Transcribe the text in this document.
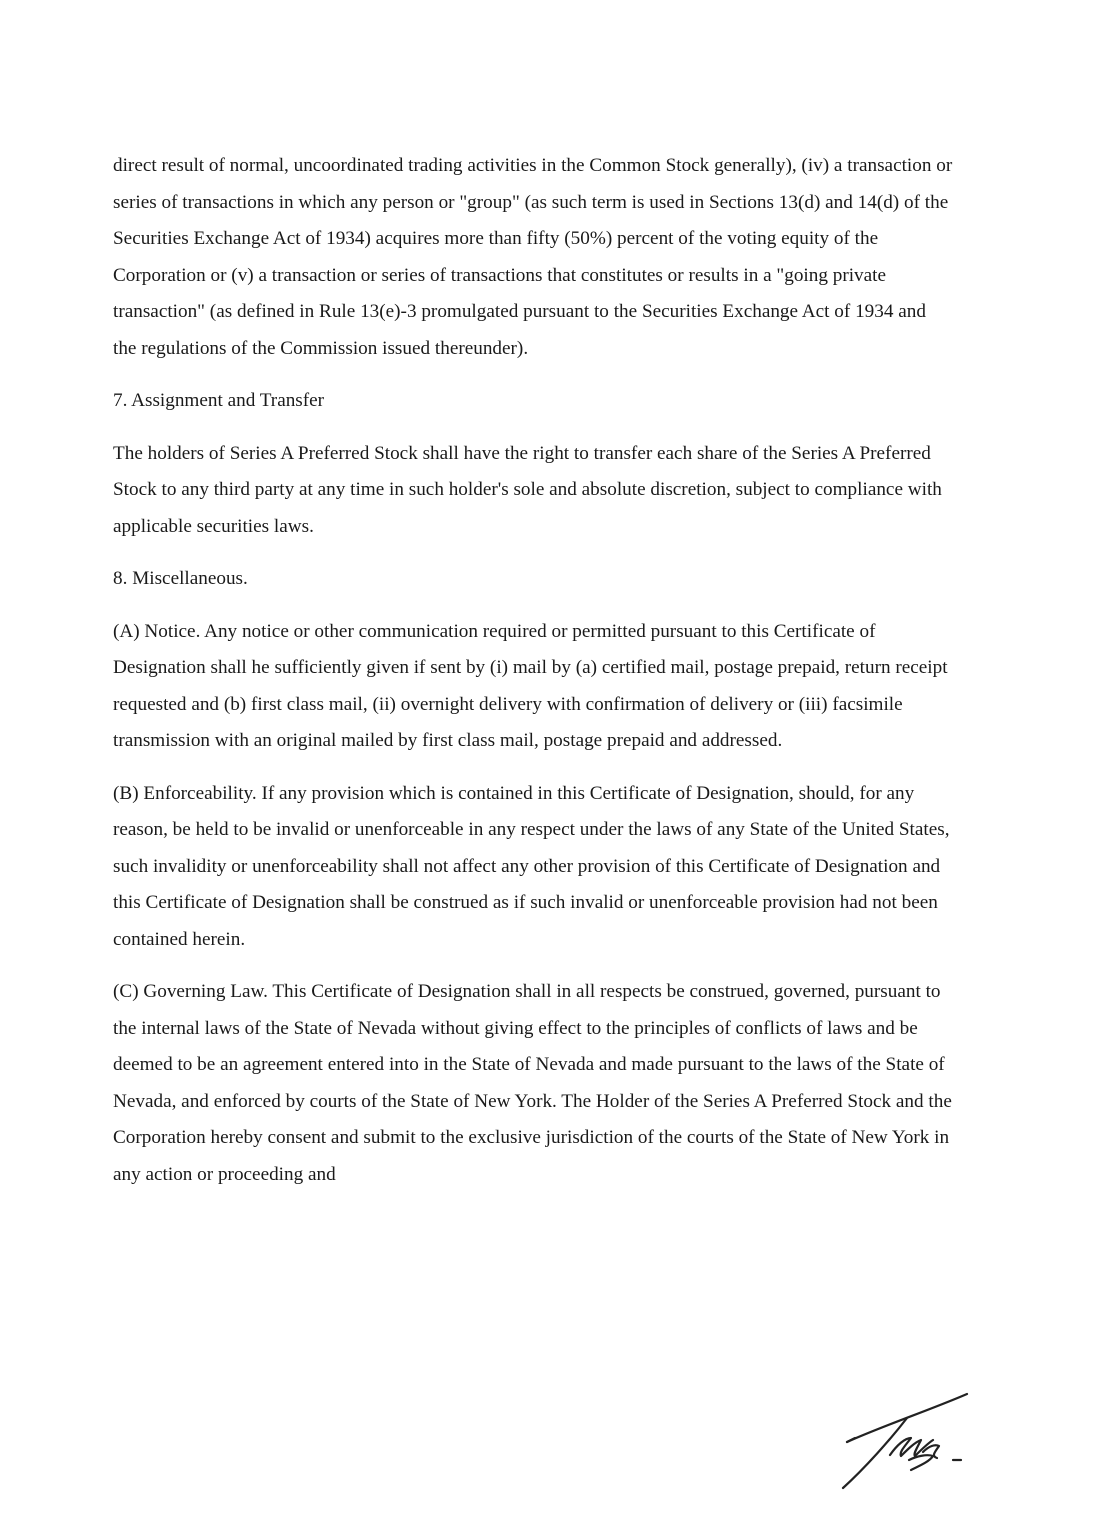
direct result of normal, uncoordinated trading activities in the Common Stock generally), (iv) a transaction or series of transactions in which any person or "group" (as such term is used in Sections 13(d) and 14(d) of the Securities Exchange Act of 1934) acquires more than fifty (50%) percent of the voting equity of the Corporation or (v) a transaction or series of transactions that constitutes or results in a "going private transaction" (as defined in Rule 13(e)-3 promulgated pursuant to the Securities Exchange Act of 1934 and the regulations of the Commission issued thereunder).

7. Assignment and Transfer

The holders of Series A Preferred Stock shall have the right to transfer each share of the Series A Preferred Stock to any third party at any time in such holder's sole and absolute discretion, subject to compliance with applicable securities laws.

8. Miscellaneous.

(A) Notice. Any notice or other communication required or permitted pursuant to this Certificate of Designation shall he sufficiently given if sent by (i) mail by (a) certified mail, postage prepaid, return receipt requested and (b) first class mail, (ii) overnight delivery with confirmation of delivery or (iii) facsimile transmission with an original mailed by first class mail, postage prepaid and addressed.

(B) Enforceability. If any provision which is contained in this Certificate of Designation, should, for any reason, be held to be invalid or unenforceable in any respect under the laws of any State of the United States, such invalidity or unenforceability shall not affect any other provision of this Certificate of Designation and this Certificate of Designation shall be construed as if such invalid or unenforceable provision had not been contained herein.

(C) Governing Law. This Certificate of Designation shall in all respects be construed, governed, pursuant to the internal laws of the State of Nevada without giving effect to the principles of conflicts of laws and be deemed to be an agreement entered into in the State of Nevada and made pursuant to the laws of the State of Nevada, and enforced by courts of the State of New York. The Holder of the Series A Preferred Stock and the Corporation hereby consent and submit to the exclusive jurisdiction of the courts of the State of New York in any action or proceeding and
